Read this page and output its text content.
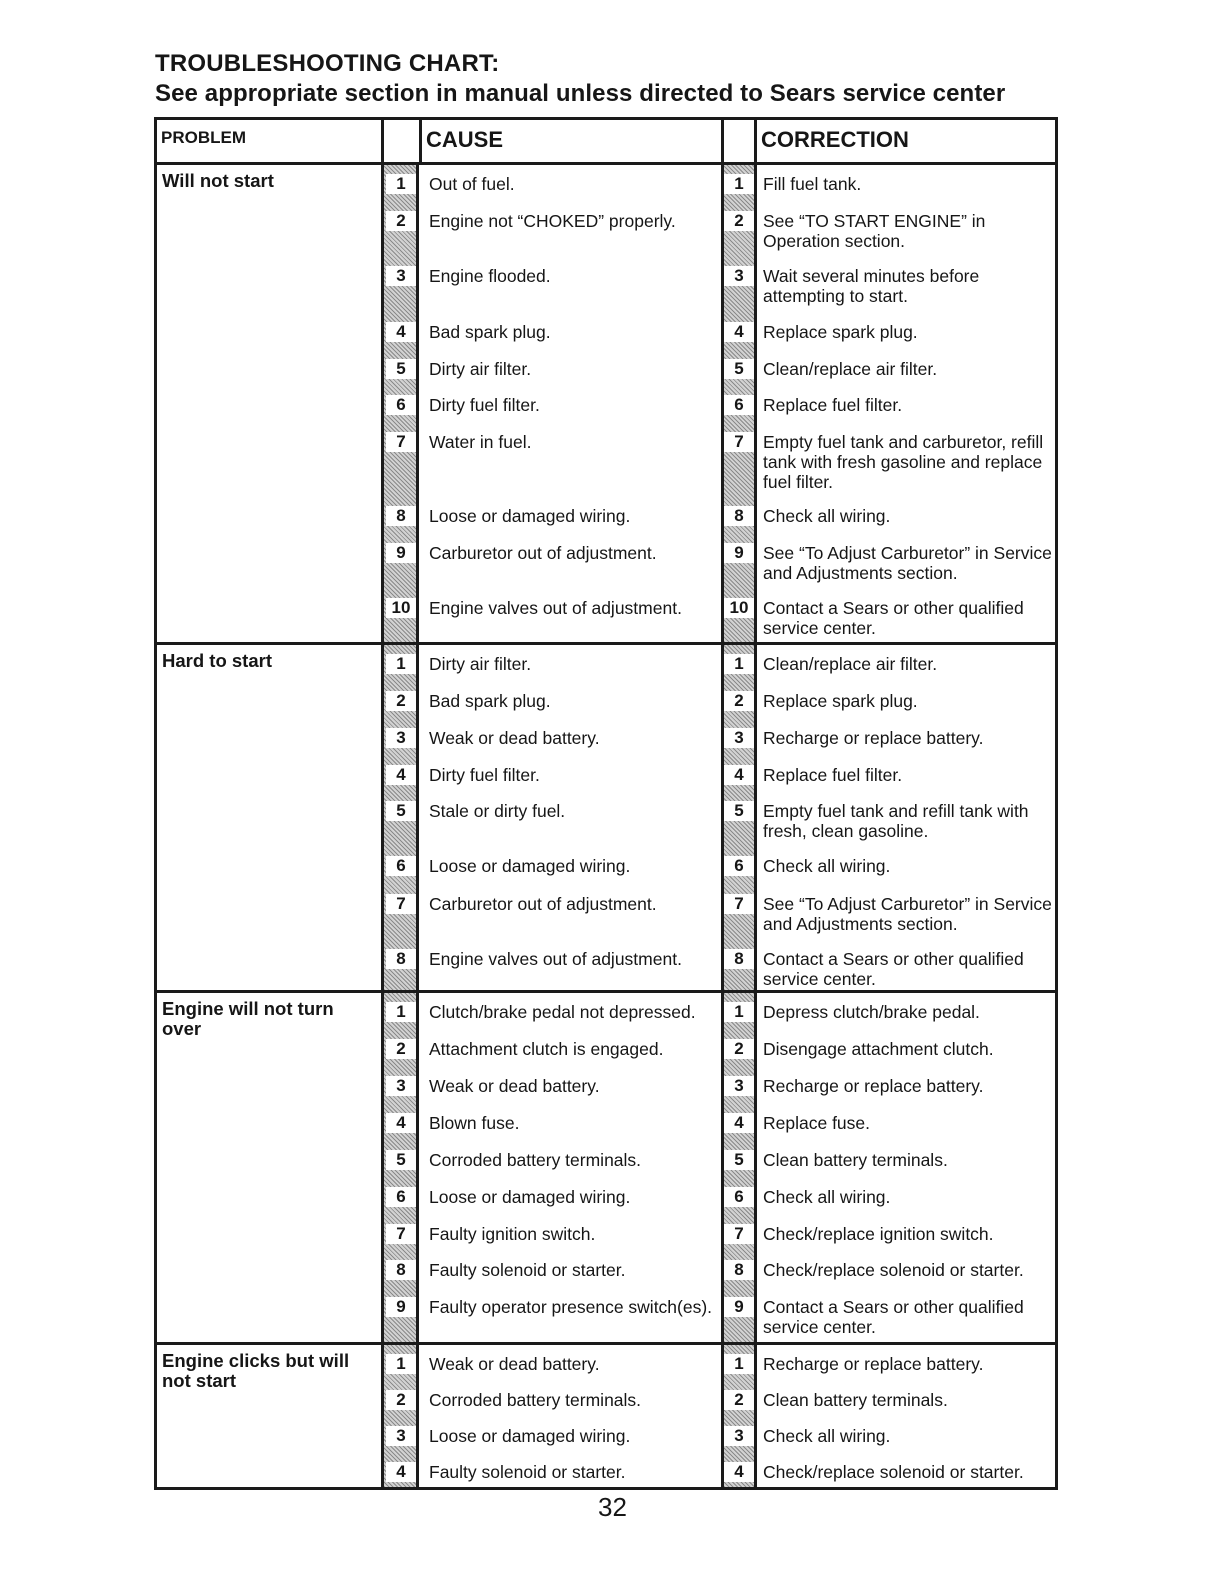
TROUBLESHOOTING CHART:
See appropriate section in manual unless directed to Sears service center
PROBLEM	CAUSE	CORRECTION
Will not start	1	Out of fuel.	1	Fill fuel tank.
2	Engine not “CHOKED” properly.	2	See “TO START ENGINE” in Operation section.
3	Engine flooded.	3	Wait several minutes before attempting to start.
4	Bad spark plug.	4	Replace spark plug.
5	Dirty air filter.	5	Clean/replace air filter.
6	Dirty fuel filter.	6	Replace fuel filter.
7	Water in fuel.	7	Empty fuel tank and carburetor, refill tank with fresh gasoline and replace fuel filter.
8	Loose or damaged wiring.	8	Check all wiring.
9	Carburetor out of adjustment.	9	See “To Adjust Carburetor” in Service and Adjustments section.
10	Engine valves out of adjustment.	10 Contact a Sears or other qualified service center.
Hard to start	1	Dirty air filter.	1	Clean/replace air filter.
2	Bad spark plug.	2	Replace spark plug.
3	Weak or dead battery.	3	Recharge or replace battery.
4	Dirty fuel filter.	4	Replace fuel filter.
5	Stale or dirty fuel.	5	Empty fuel tank and refill tank with fresh, clean gasoline.
6	Loose or damaged wiring.	6	Check all wiring.
7	Carburetor out of adjustment.	7	See “To Adjust Carburetor” in Service and Adjustments section.
8	Engine valves out of adjustment.	8	Contact a Sears or other qualified service center.
Engine will not turn over
1	Clutch/brake pedal not depressed.	1	Depress clutch/brake pedal.
2	Attachment clutch is engaged.	2	Disengage attachment clutch.
3	Weak or dead battery.	3	Recharge or replace battery.
4	Blown fuse.	4	Replace fuse.
5	Corroded battery terminals.	5	Clean battery terminals.
6	Loose or damaged wiring.	6	Check all wiring.
7	Faulty ignition switch.	7	Check/replace ignition switch.
8	Faulty solenoid or starter.	8	Check/replace solenoid or starter.
9	Faulty operator presence switch(es).	9	Contact a Sears or other qualified service center.
Engine clicks but will not start
1	Weak or dead battery.	1	Recharge or replace battery.
2	Corroded battery terminals.	2	Clean battery terminals.
3	Loose or damaged wiring.	3	Check all wiring.
4	Faulty solenoid or starter.	4	Check/replace solenoid or starter.
32
